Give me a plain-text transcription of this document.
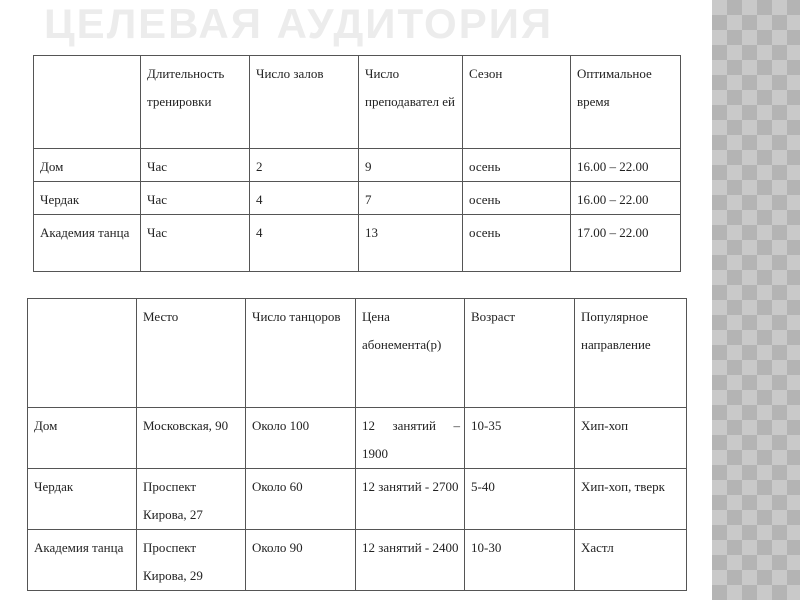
ЦЕЛЕВАЯ АУДИТОРИЯ
	Длительность тренировки	Число залов	Число преподавател ей	Сезон	Оптимальное время
Дом	Час	2	9	осень	16.00 – 22.00
Чердак	Час	4	7	осень	16.00 – 22.00
Академия танца	Час	4	13	осень	17.00 – 22.00
	Место	Число танцоров	Цена абонемента(р)	Возраст	Популярное направление
Дом	Московская, 90	Около 100	12 занятий – 1900	10-35	Хип-хоп
Чердак	Проспект Кирова, 27	Около 60	12 занятий - 2700	5-40	Хип-хоп, тверк
Академия танца	Проспект Кирова, 29	Около 90	12 занятий - 2400	10-30	Хастл
